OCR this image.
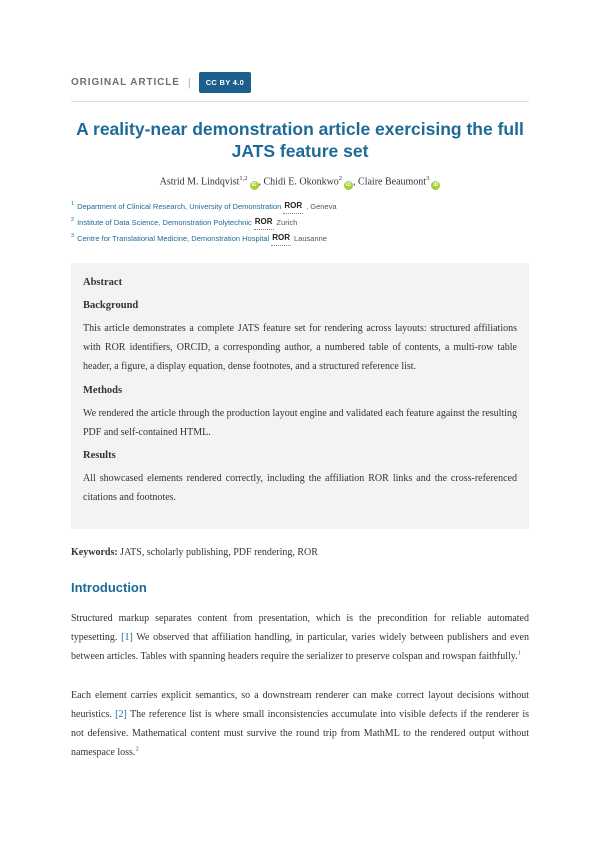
ORIGINAL ARTICLE |	CC BY 4.0
A reality-near demonstration article exercising the full JATS feature set
Astrid M. Lindqvist$^{1,2}$iD , Chidi E. Okonkwo$^2$iD , Claire Beaumont$^3$iD
1 Department of Clinical Research, University of Demonstration ROR , Geneva
2 Institute of Data Science, Demonstration Polytechnic ROR Zurich
3 Centre for Translational Medicine, Demonstration Hospital ROR Lausanne
Abstract
Background

This article demonstrates a complete JATS feature set for rendering across layouts: structured affiliations with ROR identifiers, ORCID, a corresponding author, a numbered table of contents, a multi-row table header, a figure, a display equation, dense footnotes, and a structured reference list.

Methods

We rendered the article through the production layout engine and validated each feature against the resulting PDF and self-contained HTML.

Results

All showcased elements rendered correctly, including the affiliation ROR links and the cross-referenced citations and footnotes.

Keywords: JATS, scholarly publishing, PDF rendering, ROR
Introduction

Structured markup separates content from presentation, which is the precondition for reliable automated typesetting. [1] We observed that affiliation handling, in particular, varies widely between publishers and even between articles. Tables with spanning headers require the serializer to preserve colspan and rowspan faithfully.$^1$

Each element carries explicit semantics, so a downstream renderer can make correct layout decisions without heuristics. [2] The reference list is where small inconsistencies accumulate into visible defects if the renderer is not defensive. Mathematical content must survive the round trip from MathML to the rendered output without namespace loss.$^2$
